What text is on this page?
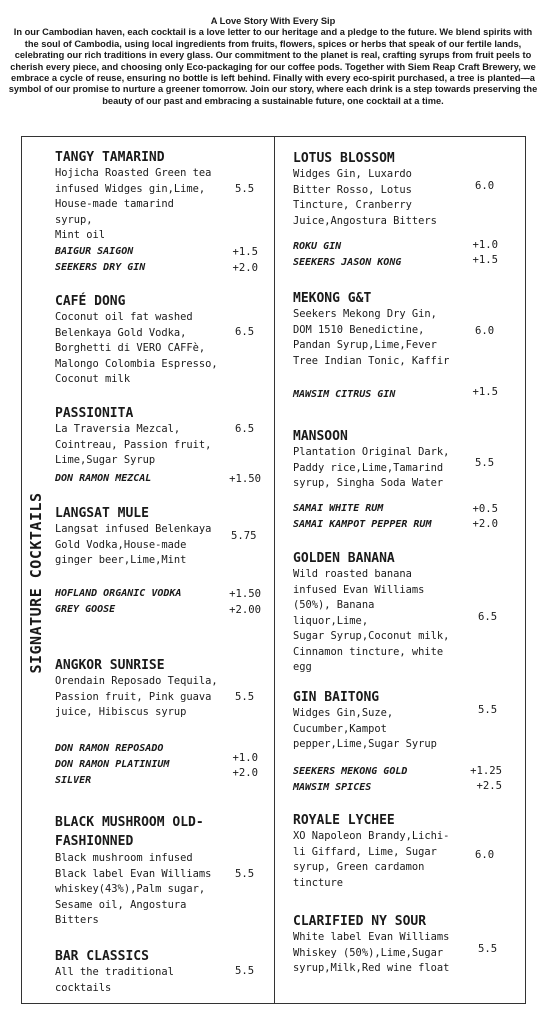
A Love Story With Every Sip
In our Cambodian haven, each cocktail is a love letter to our heritage and a pledge to the future. We blend spirits with the soul of Cambodia, using local ingredients from fruits, flowers, spices or herbs that speak of our fertile lands, celebrating our rich traditions in every glass. Our commitment to the planet is real, crafting syrups from fruit peels to cherish every piece, and choosing only Eco-packaging for our coffee pods. Together with Siem Reap Craft Brewery, we embrace a cycle of reuse, ensuring no bottle is left behind. Finally with every eco-spirit purchased, a tree is planted—a symbol of our promise to nurture a greener tomorrow. Join our story, where each drink is a step towards preserving the beauty of our past and embracing a sustainable future, one cocktail at a time.
SIGNATURE COCKTAILS
TANGY TAMARIND
Hojicha Roasted Green tea
infused Widges gin,Lime,
House-made tamarind
syrup,
Mint oil
5.5
BAIGUR SAIGON	+1.5
SEEKERS DRY GIN	+2.0
CAFÉ DONG
Coconut oil fat washed
Belenkaya Gold Vodka,
Borghetti di VERO CAFFè,
Malongo Colombia Espresso,
Coconut milk
6.5
PASSIONITA
La Traversia Mezcal,
Cointreau, Passion fruit,
Lime,Sugar Syrup
6.5
DON RAMON MEZCAL	+1.50
LANGSAT MULE
Langsat infused Belenkaya
Gold Vodka,House-made
ginger beer,Lime,Mint
5.75
HOFLAND ORGANIC VODKA	+1.50
GREY GOOSE	+2.00
ANGKOR SUNRISE
Orendain Reposado Tequila,
Passion fruit, Pink guava
juice, Hibiscus syrup
5.5
DON RAMON REPOSADO
+1.0
DON RAMON PLATINIUM SILVER
+2.0
BLACK MUSHROOM OLD-FASHIONNED
Black mushroom infused
Black label Evan Williams
whiskey(43%),Palm sugar,
Sesame oil, Angostura
Bitters
5.5
BAR CLASSICS
All the traditional
cocktails
5.5
LOTUS BLOSSOM
Widges Gin, Luxardo
Bitter Rosso, Lotus
Tincture, Cranberry
Juice,Angostura Bitters
6.0
ROKU GIN	+1.0
SEEKERS JASON KONG	+1.5
MEKONG G&T
Seekers Mekong Dry Gin,
DOM 1510 Benedictine,
Pandan Syrup,Lime,Fever
Tree Indian Tonic, Kaffir
6.0
MAWSIM CITRUS GIN	+1.5
MANSOON
Plantation Original Dark,
Paddy rice,Lime,Tamarind
syrup, Singha Soda Water
5.5
SAMAI WHITE RUM	+0.5
SAMAI KAMPOT PEPPER RUM	+2.0
GOLDEN BANANA
Wild roasted banana
infused Evan Williams
(50%), Banana
liquor,Lime,
Sugar Syrup,Coconut milk,
Cinnamon tincture, white
egg
6.5
GIN BAITONG
Widges Gin,Suze,
Cucumber,Kampot
pepper,Lime,Sugar Syrup
5.5
SEEKERS MEKONG GOLD	+1.25
MAWSIM SPICES	+2.5
ROYALE LYCHEE
XO Napoleon Brandy,Lichi-
li Giffard, Lime, Sugar
syrup, Green cardamon
tincture
6.0
CLARIFIED NY SOUR
White label Evan Williams
Whiskey (50%),Lime,Sugar
syrup,Milk,Red wine float
5.5
